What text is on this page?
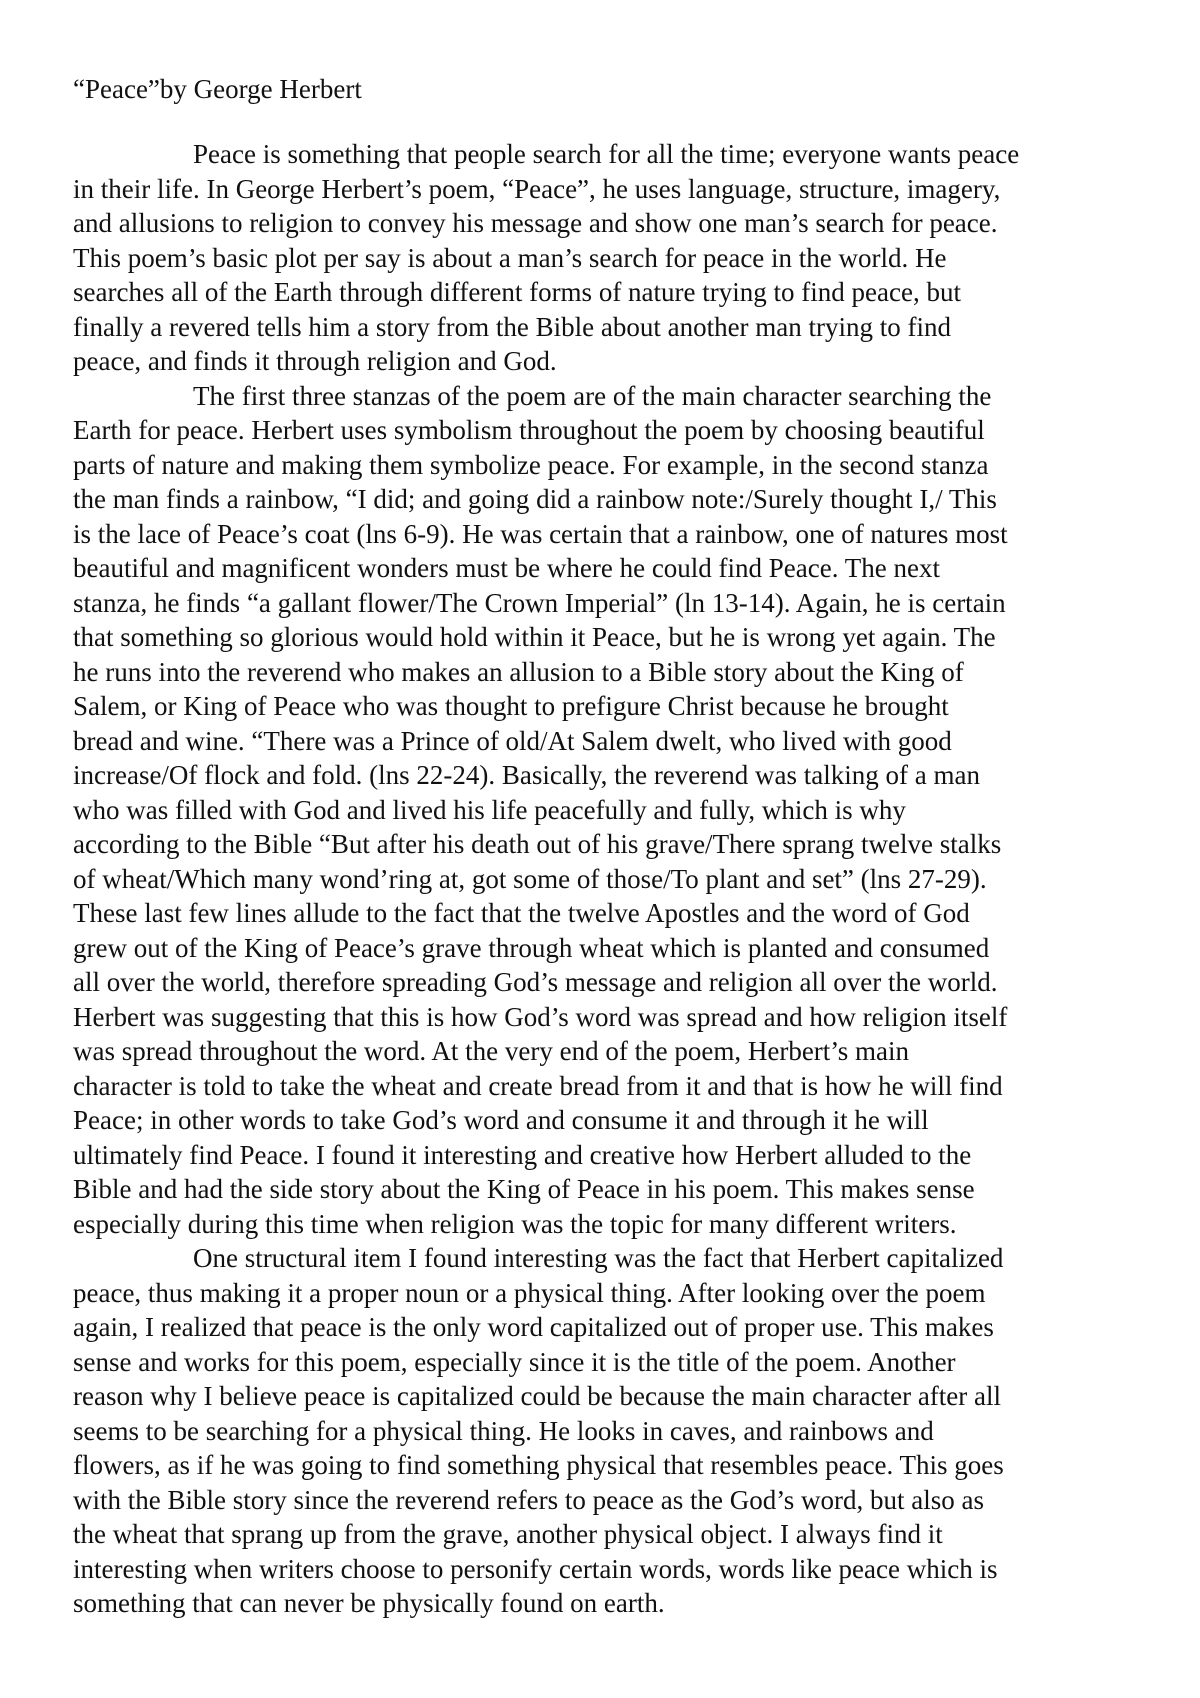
“Peace”by George Herbert
Peace is something that people search for all the time; everyone wants peace
in their life. In George Herbert’s poem, “Peace”, he uses language, structure, imagery,
and allusions to religion to convey his message and show one man’s search for peace.
This poem’s basic plot per say is about a man’s search for peace in the world. He
searches all of the Earth through different forms of nature trying to find peace, but
finally a revered tells him a story from the Bible about another man trying to find
peace, and finds it through religion and God.
The first three stanzas of the poem are of the main character searching the
Earth for peace. Herbert uses symbolism throughout the poem by choosing beautiful
parts of nature and making them symbolize peace. For example, in the second stanza
the man finds a rainbow, “I did; and going did a rainbow note:/Surely thought I,/ This
is the lace of Peace’s coat (lns 6-9). He was certain that a rainbow, one of natures most
beautiful and magnificent wonders must be where he could find Peace. The next
stanza, he finds “a gallant flower/The Crown Imperial” (ln 13-14). Again, he is certain
that something so glorious would hold within it Peace, but he is wrong yet again. The
he runs into the reverend who makes an allusion to a Bible story about the King of
Salem, or King of Peace who was thought to prefigure Christ because he brought
bread and wine. “There was a Prince of old/At Salem dwelt, who lived with good
increase/Of flock and fold. (lns 22-24). Basically, the reverend was talking of a man
who was filled with God and lived his life peacefully and fully, which is why
according to the Bible “But after his death out of his grave/There sprang twelve stalks
of wheat/Which many wond’ring at, got some of those/To plant and set” (lns 27-29).
These last few lines allude to the fact that the twelve Apostles and the word of God
grew out of the King of Peace’s grave through wheat which is planted and consumed
all over the world, therefore spreading God’s message and religion all over the world.
Herbert was suggesting that this is how God’s word was spread and how religion itself
was spread throughout the word. At the very end of the poem, Herbert’s main
character is told to take the wheat and create bread from it and that is how he will find
Peace; in other words to take God’s word and consume it and through it he will
ultimately find Peace. I found it interesting and creative how Herbert alluded to the
Bible and had the side story about the King of Peace in his poem. This makes sense
especially during this time when religion was the topic for many different writers.
One structural item I found interesting was the fact that Herbert capitalized
peace, thus making it a proper noun or a physical thing. After looking over the poem
again, I realized that peace is the only word capitalized out of proper use. This makes
sense and works for this poem, especially since it is the title of the poem. Another
reason why I believe peace is capitalized could be because the main character after all
seems to be searching for a physical thing. He looks in caves, and rainbows and
flowers, as if he was going to find something physical that resembles peace. This goes
with the Bible story since the reverend refers to peace as the God’s word, but also as
the wheat that sprang up from the grave, another physical object. I always find it
interesting when writers choose to personify certain words, words like peace which is
something that can never be physically found on earth.
